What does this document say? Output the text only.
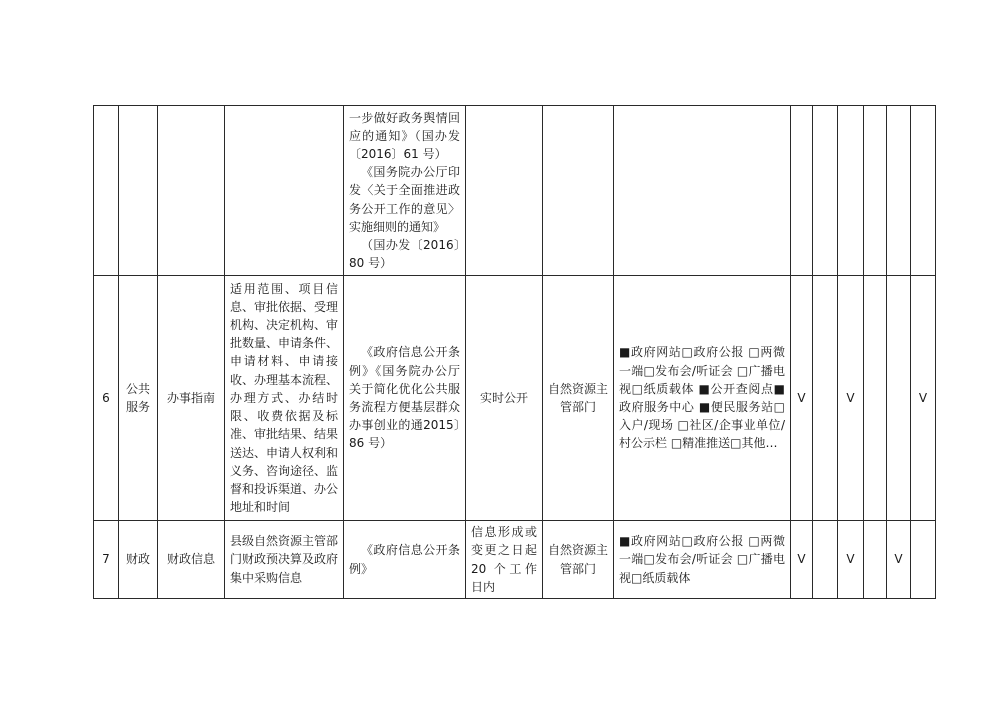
				一步做好政务舆情回应的通知》（国办发〔2016〕61 号）
《国务院办公厅印发〈关于全面推进政务公开工作的意见〉实施细则的通知》
（国办发〔2016〕80 号）									

6	公共服务	办事指南	适用范围、项目信息、审批依据、受理机构、决定机构、审批数量、申请条件、申请材料、申请接收、办理基本流程、办理方式、办结时限、收费依据及标准、审批结果、结果送达、申请人权利和义务、咨询途径、监督和投诉渠道、办公地址和时间	《政府信息公开条例》《国务院办公厅关于简化优化公共服务流程方便基层群众办事创业的通2015〕86 号）	实时公开	自然资源主管部门	■政府网站□政府公报 □两微一端□发布会/听证会 □广播电视□纸质载体 ■公开查阅点■政府服务中心 ■便民服务站□入户/现场 □社区/企事业单位/村公示栏 □精准推送□其他…	V		V			V
7	财政	财政信息	县级自然资源主管部门财政预决算及政府集中采购信息	《政府信息公开条例》	信息形成或变更之日起20 个工作日内	自然资源主管部门	■政府网站□政府公报 □两微一端□发布会/听证会 □广播电视□纸质载体	V		V		V	
